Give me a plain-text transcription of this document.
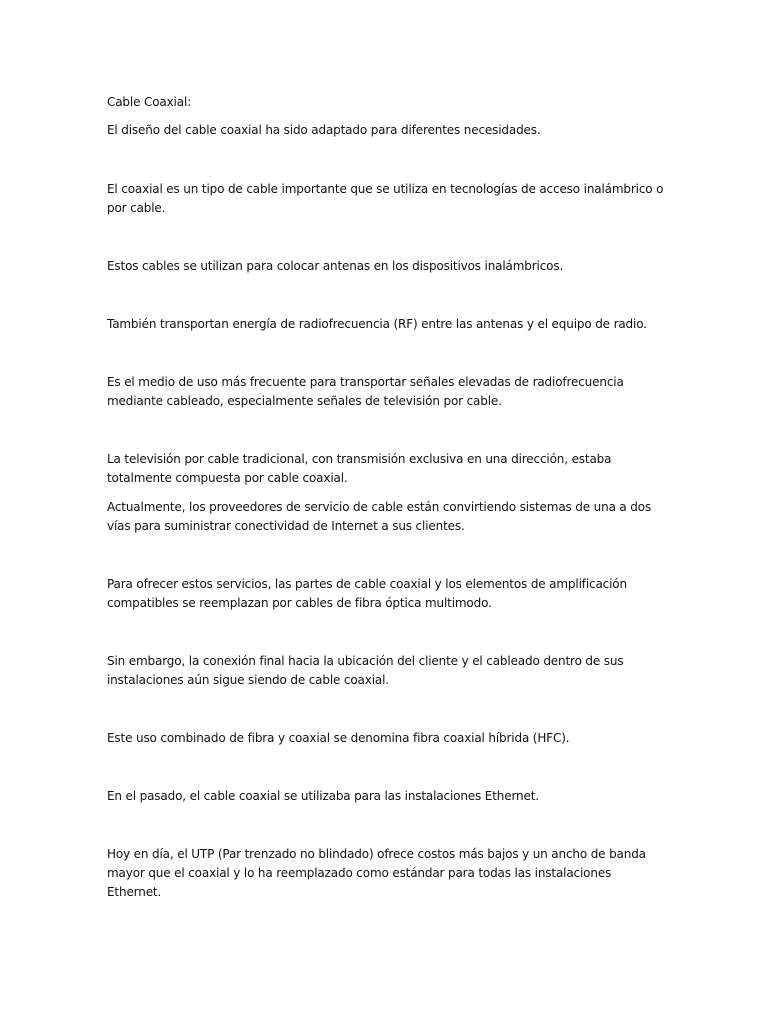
Cable Coaxial:

El diseño del cable coaxial ha sido adaptado para diferentes necesidades.

El coaxial es un tipo de cable importante que se utiliza en tecnologías de acceso inalámbrico o por cable.

Estos cables se utilizan para colocar antenas en los dispositivos inalámbricos.

También transportan energía de radiofrecuencia (RF) entre las antenas y el equipo de radio.

Es el medio de uso más frecuente para transportar señales elevadas de radiofrecuencia mediante cableado, especialmente señales de televisión por cable.

La televisión por cable tradicional, con transmisión exclusiva en una dirección, estaba totalmente compuesta por cable coaxial.

Actualmente, los proveedores de servicio de cable están convirtiendo sistemas de una a dos vías para suministrar conectividad de Internet a sus clientes.

Para ofrecer estos servicios, las partes de cable coaxial y los elementos de amplificación compatibles se reemplazan por cables de fibra óptica multimodo.

Sin embargo, la conexión final hacia la ubicación del cliente y el cableado dentro de sus instalaciones aún sigue siendo de cable coaxial.

Este uso combinado de fibra y coaxial se denomina fibra coaxial híbrida (HFC).

En el pasado, el cable coaxial se utilizaba para las instalaciones Ethernet.

Hoy en día, el UTP (Par trenzado no blindado) ofrece costos más bajos y un ancho de banda mayor que el coaxial y lo ha reemplazado como estándar para todas las instalaciones Ethernet.
